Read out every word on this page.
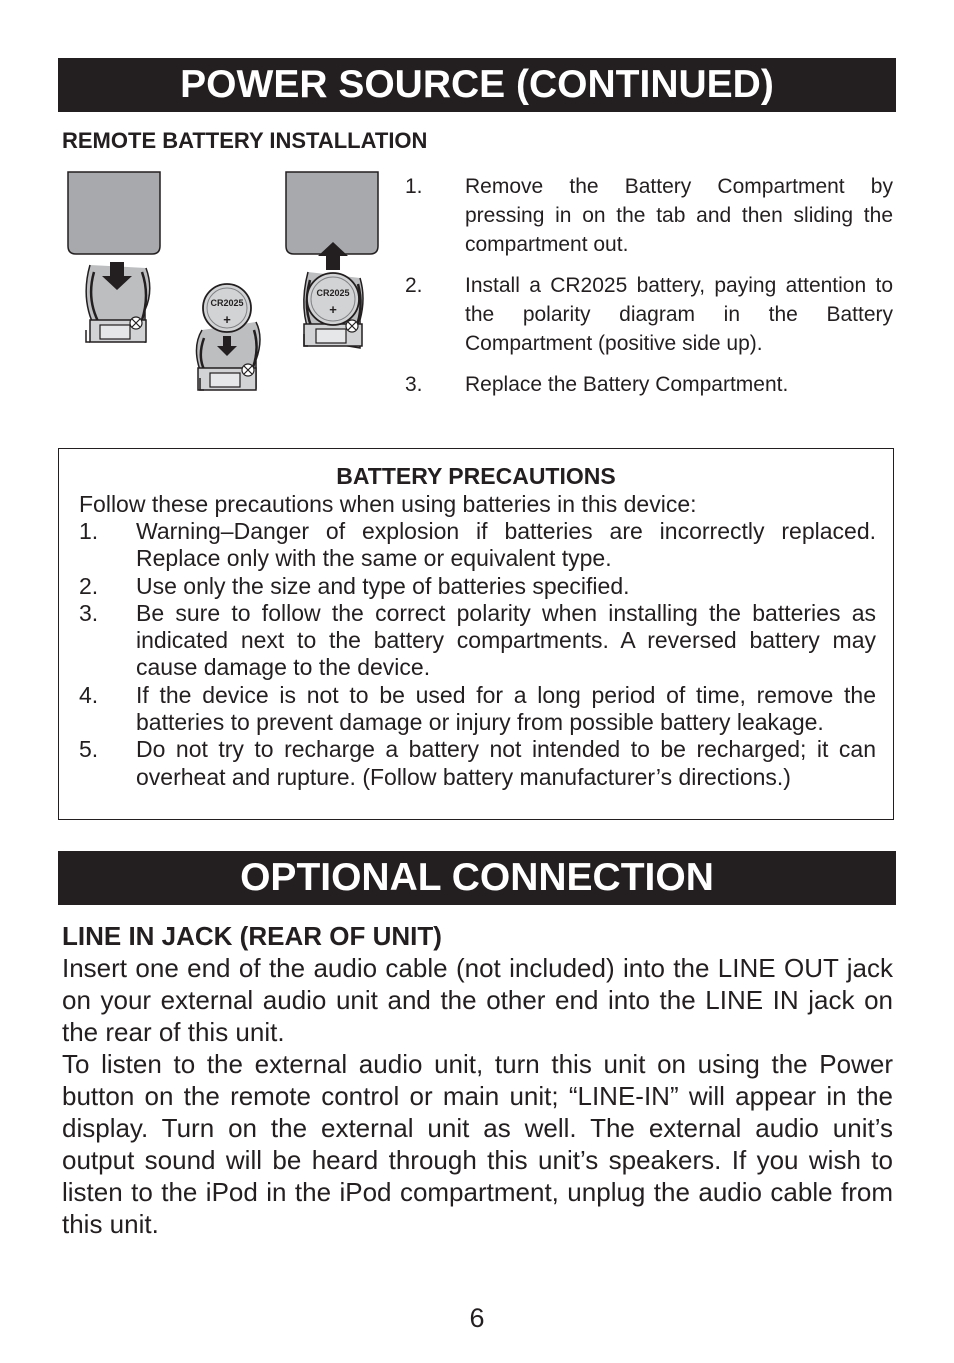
POWER SOURCE (CONTINUED)
REMOTE BATTERY INSTALLATION
CR2025
+
CR2025
+
1. Remove the Battery Compartment by pressing in on the tab and then sliding the compartment out.
2. Install a CR2025 battery, paying attention to the polarity diagram in the Battery Compartment (positive side up).
3. Replace the Battery Compartment.
BATTERY PRECAUTIONS
Follow these precautions when using batteries in this device:
1. Warning–Danger of explosion if batteries are incorrectly replaced. Replace only with the same or equivalent type.
2. Use only the size and type of batteries specified.
3. Be sure to follow the correct polarity when installing the batteries as indicated next to the battery compartments. A reversed battery may cause damage to the device.
4. If the device is not to be used for a long period of time, remove the batteries to prevent damage or injury from possible battery leakage.
5. Do not try to recharge a battery not intended to be recharged; it can overheat and rupture. (Follow battery manufacturer’s directions.)
OPTIONAL CONNECTION
LINE IN JACK (REAR OF UNIT)

Insert one end of the audio cable (not included) into the LINE OUT jack on your external audio unit and the other end into the LINE IN jack on the rear of this unit.

To listen to the external audio unit, turn this unit on using the Power button on the remote control or main unit; “LINE-IN” will appear in the display. Turn on the external unit as well. The external audio unit’s output sound will be heard through this unit’s speakers. If you wish to listen to the iPod in the iPod compartment, unplug the audio cable from this unit.

6
